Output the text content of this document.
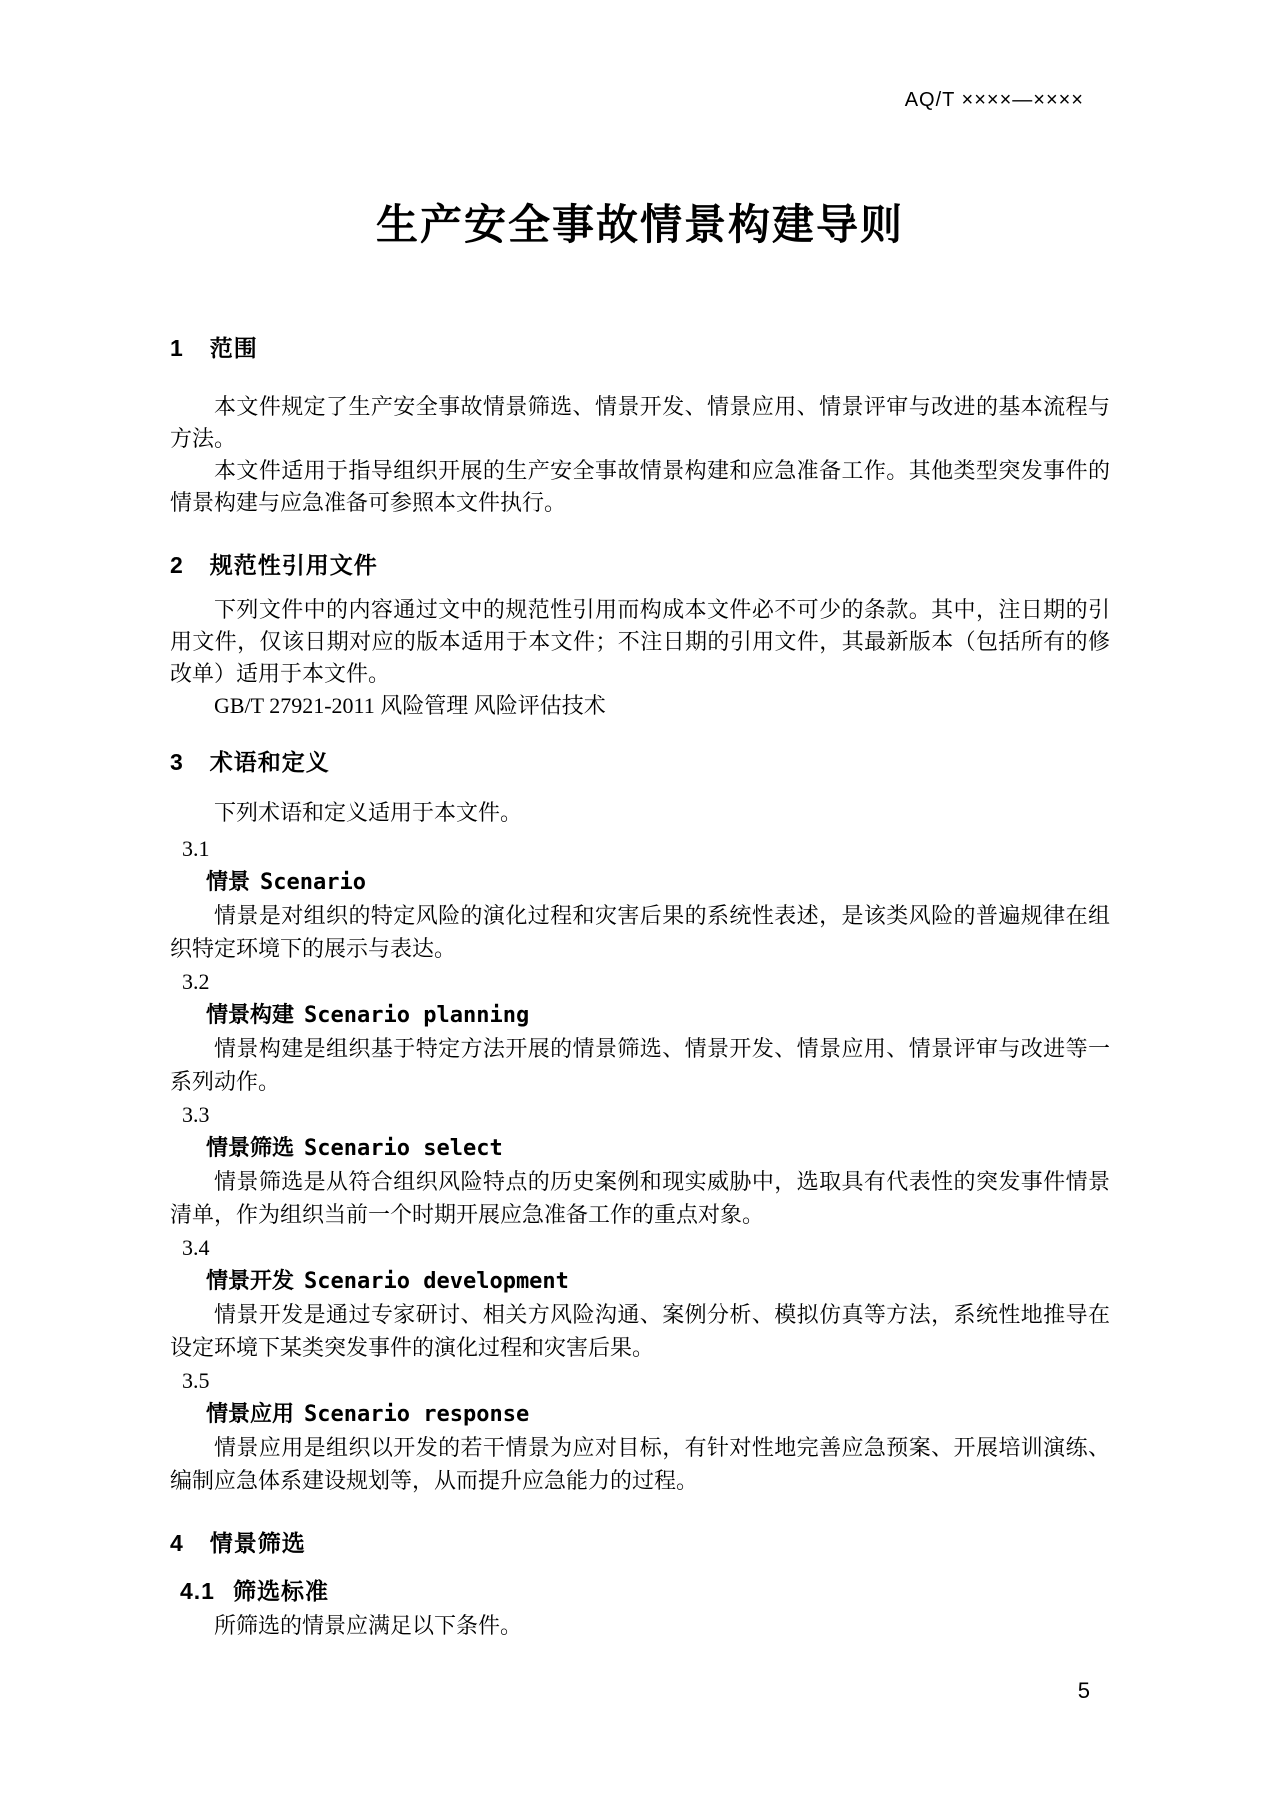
AQ/T ××××—××××
生产安全事故情景构建导则
1 范围

本文件规定了生产安全事故情景筛选、情景开发、情景应用、情景评审与改进的基本流程与方法。

本文件适用于指导组织开展的生产安全事故情景构建和应急准备工作。其他类型突发事件的情景构建与应急准备可参照本文件执行。

2 规范性引用文件

下列文件中的内容通过文中的规范性引用而构成本文件必不可少的条款。其中，注日期的引用文件，仅该日期对应的版本适用于本文件；不注日期的引用文件，其最新版本（包括所有的修改单）适用于本文件。

GB/T 27921-2011 风险管理 风险评估技术

3 术语和定义

下列术语和定义适用于本文件。

3.1
情景 Scenario

情景是对组织的特定风险的演化过程和灾害后果的系统性表述，是该类风险的普遍规律在组织特定环境下的展示与表达。

3.2
情景构建 Scenario planning

情景构建是组织基于特定方法开展的情景筛选、情景开发、情景应用、情景评审与改进等一系列动作。

3.3
情景筛选 Scenario select

情景筛选是从符合组织风险特点的历史案例和现实威胁中，选取具有代表性的突发事件情景清单，作为组织当前一个时期开展应急准备工作的重点对象。

3.4
情景开发 Scenario development

情景开发是通过专家研讨、相关方风险沟通、案例分析、模拟仿真等方法，系统性地推导在设定环境下某类突发事件的演化过程和灾害后果。

3.5
情景应用 Scenario response

情景应用是组织以开发的若干情景为应对目标，有针对性地完善应急预案、开展培训演练、编制应急体系建设规划等，从而提升应急能力的过程。

4 情景筛选
4.1 筛选标准

所筛选的情景应满足以下条件。

5
